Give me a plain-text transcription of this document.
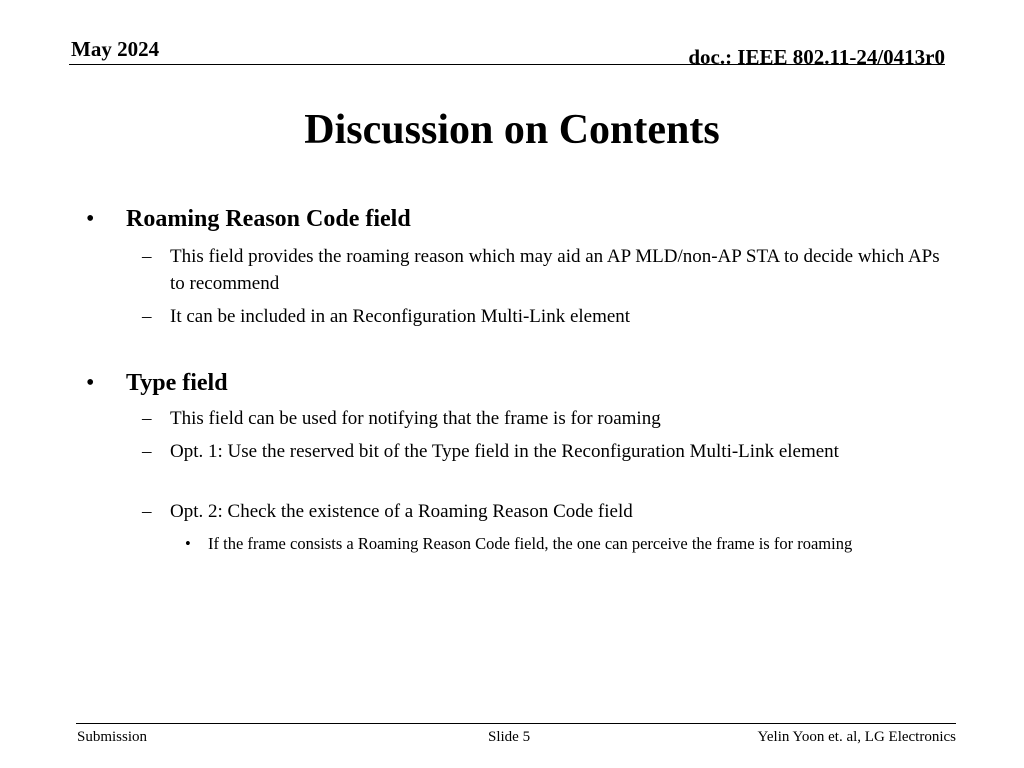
May 2024	doc.: IEEE 802.11-24/0413r0
Discussion on Contents
• Roaming Reason Code field
– This field provides the roaming reason which may aid an AP MLD/non-AP STA to decide which APs to recommend
– It can be included in an Reconfiguration Multi-Link element
• Type field
– This field can be used for notifying that the frame is for roaming
– Opt. 1: Use the reserved bit of the Type field in the Reconfiguration Multi-Link element
– Opt. 2: Check the existence of a Roaming Reason Code field
• If the frame consists a Roaming Reason Code field, the one can perceive the frame is for roaming
Submission	Slide 5	Yelin Yoon et. al, LG Electronics
